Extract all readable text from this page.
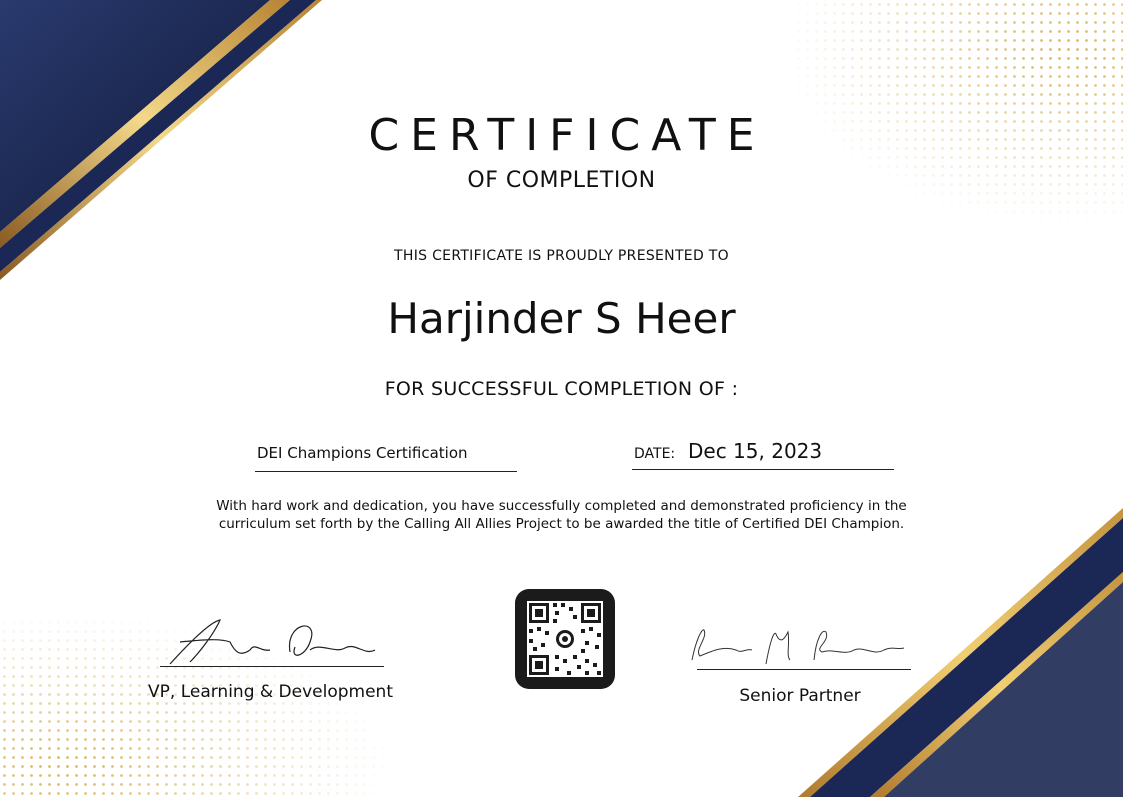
CERTIFICATE
OF COMPLETION
THIS CERTIFICATE IS PROUDLY PRESENTED TO
Harjinder S Heer
FOR SUCCESSFUL COMPLETION OF :
DEI Champions Certification	DATE: Dec 15, 2023
With hard work and dedication, you have successfully completed and demonstrated proficiency in the
curriculum set forth by the Calling All Allies Project to be awarded the title of Certified DEI Champion.
VP, Learning & Development	Senior Partner
